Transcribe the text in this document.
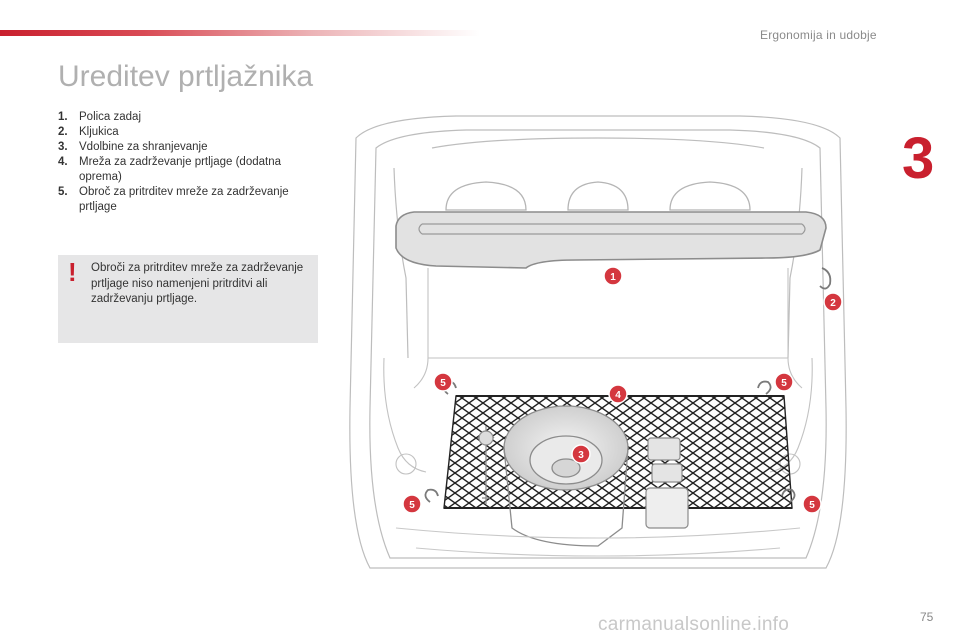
Ergonomija in udobje
3
Ureditev prtljažnika
1. Polica zadaj
2. Kljukica
3. Vdolbine za shranjevanje
4. Mreža za zadrževanje prtljage (dodatna oprema)
5. Obroč za pritrditev mreže za zadrževanje prtljage
! Obroči za pritrditev mreže za zadrževanje prtljage niso namenjeni pritrditvi ali zadrževanju prtljage.
1
2
3
4
5	5
5	5
carmanualsonline.info	75
